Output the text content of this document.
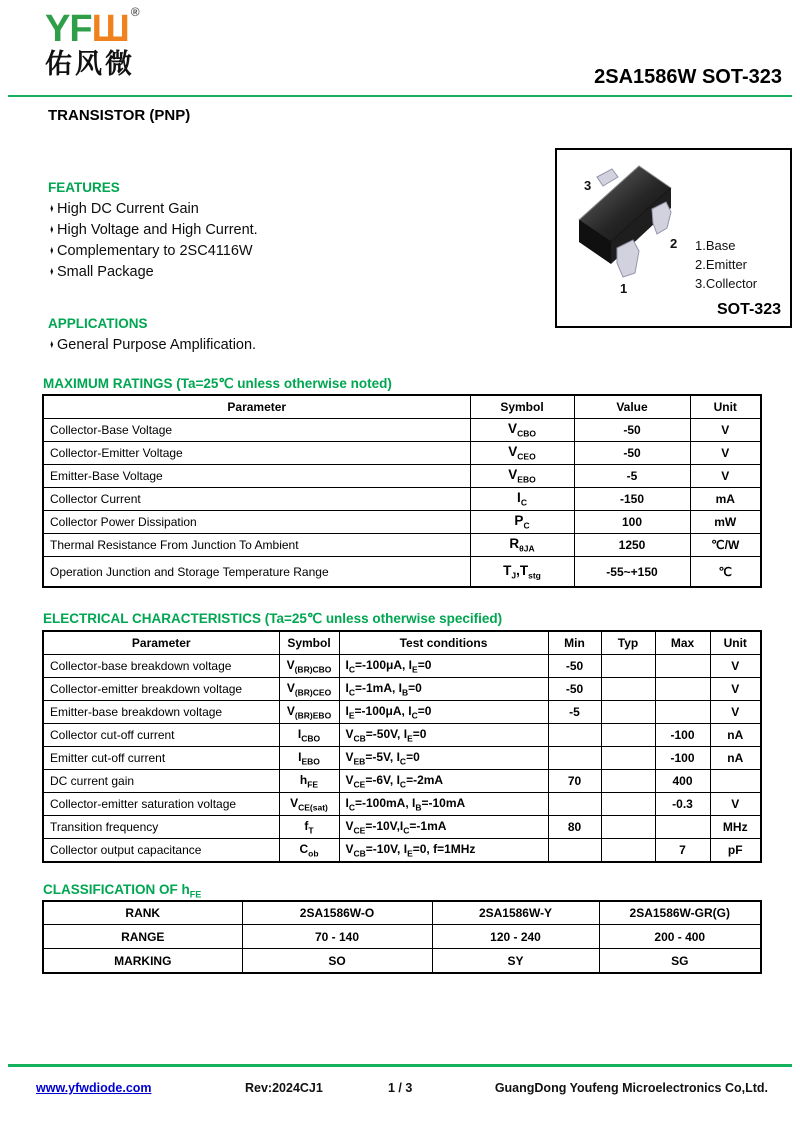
YFШ ®
佑风微	2SA1586W SOT-323
TRANSISTOR (PNP)
FEATURES
♦ High DC Current Gain
♦ High Voltage and High Current.
♦ Complementary to 2SC4116W
♦ Small Package
APPLICATIONS
♦ General Purpose Amplification.
3
2
1
1.Base
2.Emitter
3.Collector
SOT-323
MAXIMUM RATINGS (Ta=25℃ unless otherwise noted)
Parameter	Symbol	Value	Unit
Collector-Base Voltage	$V_{CBO}$	-50	V
Collector-Emitter Voltage	$V_{CEO}$	-50	V
Emitter-Base Voltage	$V_{EBO}$	-5	V
Collector Current	$I_C$	-150	mA
Collector Power Dissipation	$P_C$	100	mW
Thermal Resistance From Junction To Ambient	$R_{\theta JA}$	1250	℃/W
Operation Junction and Storage Temperature Range	$T_J,T_{stg}$	-55~+150	℃
ELECTRICAL CHARACTERISTICS (Ta=25℃ unless otherwise specified)
Parameter	Symbol	Test conditions	Min	Typ	Max	Unit
Collector-base breakdown voltage	$V_{(BR)CBO}$	$I_C=-100\mu A$, $I_E=0$	-50			V
Collector-emitter breakdown voltage	$V_{(BR)CEO}$	$I_C=-1mA$, $I_B=0$	-50			V
Emitter-base breakdown voltage	$V_{(BR)EBO}$	$I_E=-100\mu A$, $I_C=0$	-5			V
Collector cut-off current	$I_{CBO}$	$V_{CB}=-50V$, $I_E=0$			-100	nA
Emitter cut-off current	$I_{EBO}$	$V_{EB}=-5V$, $I_C=0$			-100	nA
DC current gain	$h_{FE}$	$V_{CE}=-6V$, $I_C=-2mA$	70		400	
Collector-emitter saturation voltage	$V_{CE(sat)}$	$I_C=-100mA$, $I_B=-10mA$			-0.3	V
Transition frequency	$f_T$	$V_{CE}=-10V,I_C=-1mA$	80			MHz
Collector output capacitance	$C_{ob}$	$V_{CB}=-10V$, $I_E=0$, f=1MHz			7	pF
CLASSIFICATION OF $h_{FE}$
RANK	2SA1586W-O	2SA1586W-Y	2SA1586W-GR(G)
RANGE	70 - 140	120 - 240	200 - 400
MARKING	SO	SY	SG
www.yfwdiode.com	Rev:2024CJ1	1 / 3	GuangDong Youfeng Microelectronics Co,Ltd.
